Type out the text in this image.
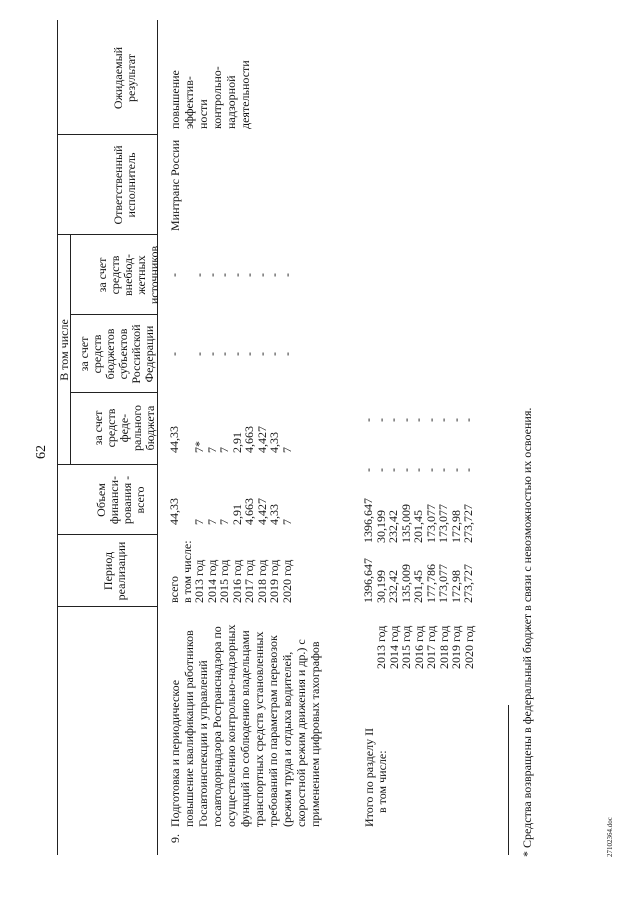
62
Период реализации
Объем финанси-рования - всего
В том числе
за счет средств феде-рального бюджета
за счет средств бюджетов субъектов Российской Федерации
за счет средств внебюд-жетных источников
Ответственный исполнитель
Ожидаемый результат
9.
Подготовка и периодическое повышение квалификации работников Госавтоинспекции и управлений госавтодорнадзора Ространснадзора по осуществлению контрольно-надзорных функций по соблюдению владельцами транспортных средств установленных требований по параметрам перевозок (режим труда и отдыха водителей, скоростной режим движения и др.) с применением цифровых тахографов
всего
в том числе:
2013 год
2014 год
2015 год
2016 год
2017 год
2018 год
2019 год
2020 год
44,33
7
7
7
2,91
4,663
4,427
4,33
7
44,33
7*
7
7
2,91
4,663
4,427
4,33
7
-
-
-
-
-
-
-
-
-
-
-
-
-
-
-
-
-
-
Минтранс России
повышение эффектив- ности контрольно- надзорной деятельности
Итого по разделу II в том числе:
2013 год
2014 год
2015 год
2016 год
2017 год
2018 год
2019 год
2020 год
1396,647
30,199
232,42
135,009
201,45
177,786
173,077
172,98
273,727
1396,647
30,199
232,42
135,009
201,45
173,077
173,077
172,98
273,727
-
-
-
-
-
-
-
-
-
-
-
-
-
-
-
-
-
-	* Средства возвращены в федеральный бюджет в связи с невозможностью их освоения.	27102364.doc
